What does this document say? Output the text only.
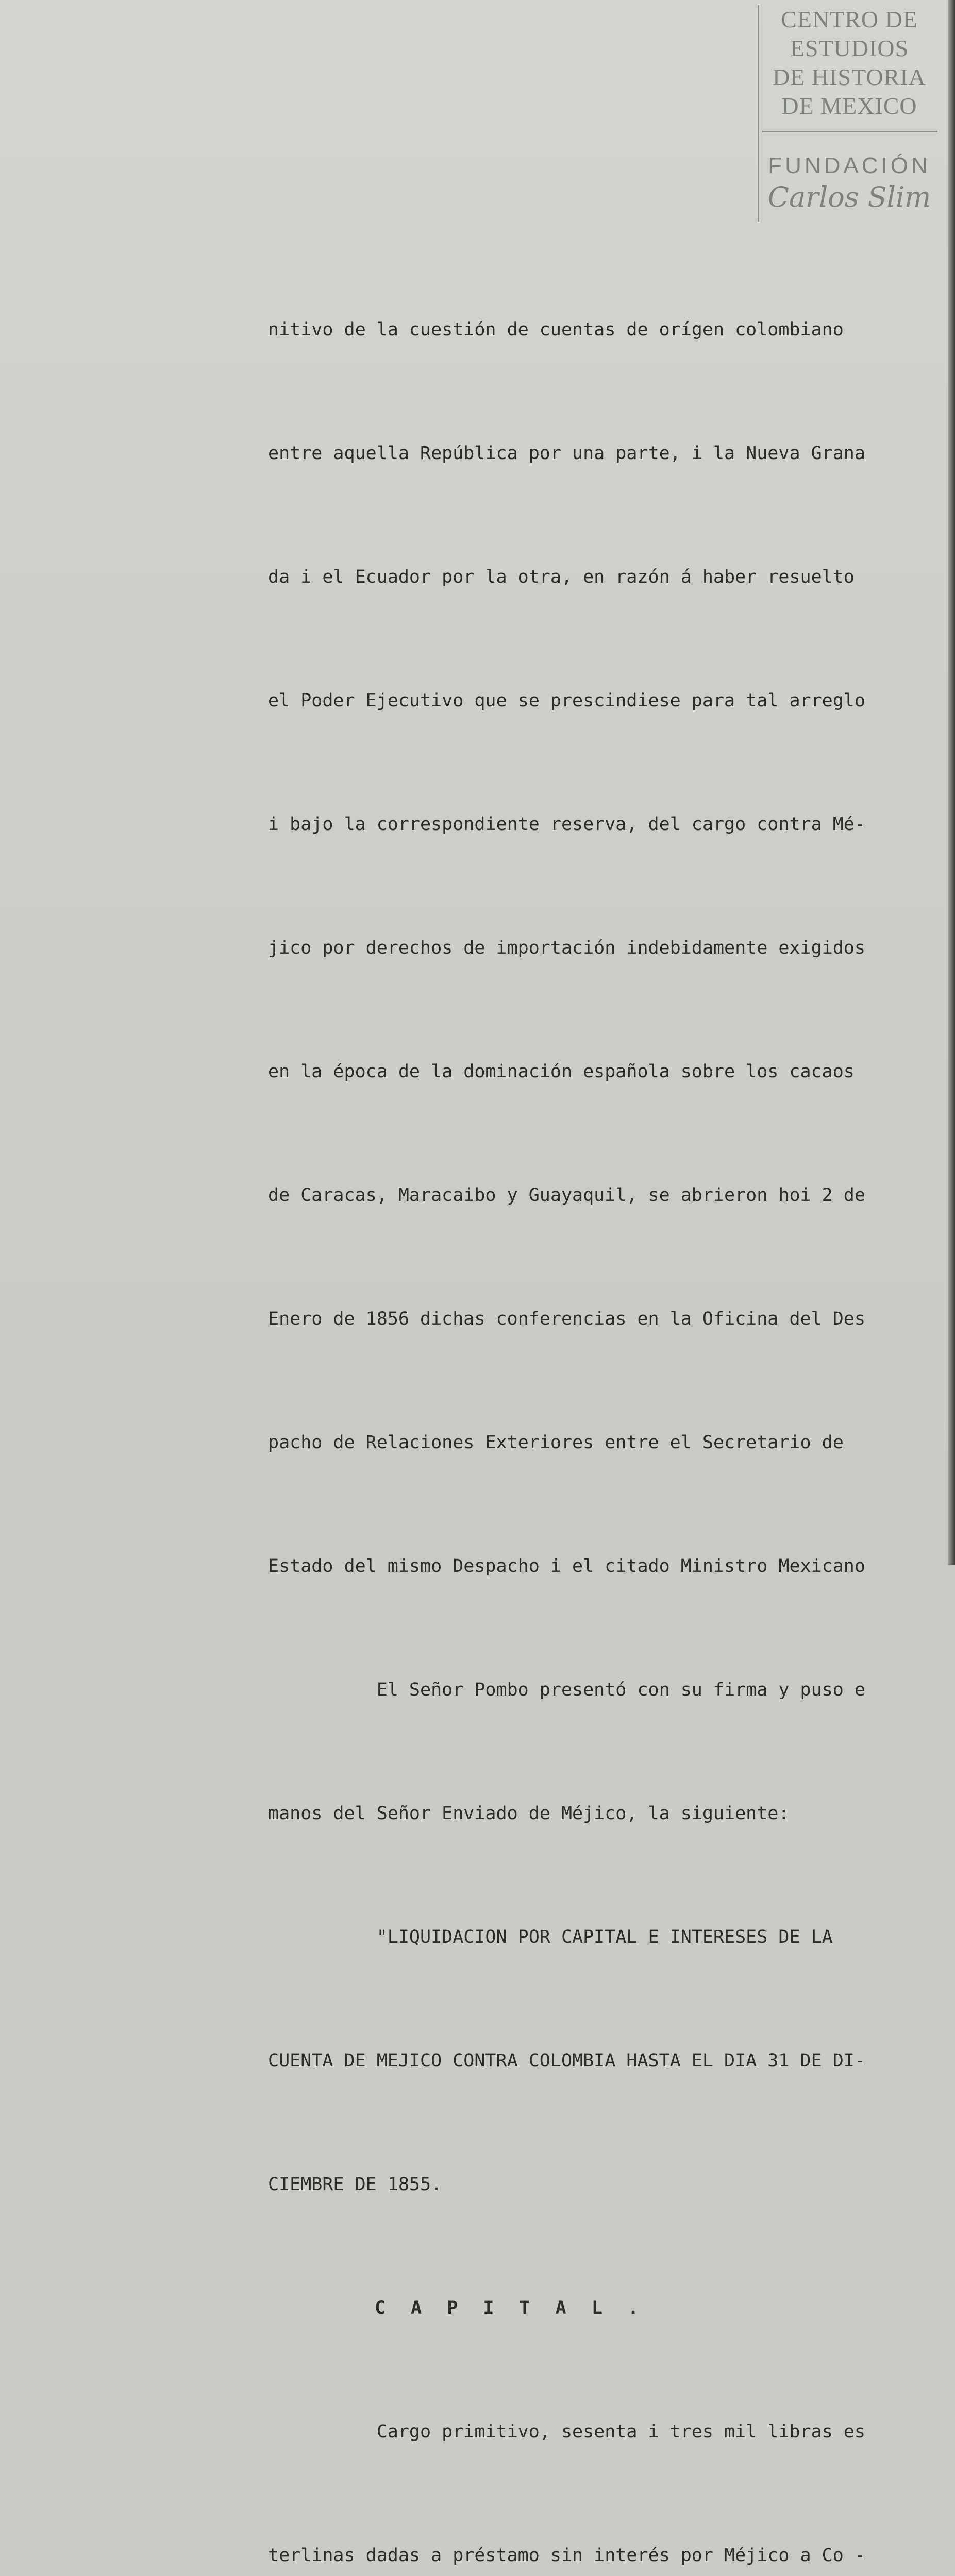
CENTRO DE
ESTUDIOS
DE HISTORIA
DE MEXICO
FUNDACIÓN
Carlos Slim

nitivo de la cuestión de cuentas de orígen colombiano

entre aquella República por una parte, i la Nueva Grana

da i el Ecuador por la otra, en razón á haber resuelto

el Poder Ejecutivo que se prescindiese para tal arreglo

i bajo la correspondiente reserva, del cargo contra Mé-

jico por derechos de importación indebidamente exigidos

en la época de la dominación española sobre los cacaos

de Caracas, Maracaibo y Guayaquil, se abrieron hoi 2 de

Enero de 1856 dichas conferencias en la Oficina del Des

pacho de Relaciones Exteriores entre el Secretario de

Estado del mismo Despacho i el citado Ministro Mexicano

El Señor Pombo presentó con su firma y puso e

manos del Señor Enviado de Méjico, la siguiente:

"LIQUIDACION POR CAPITAL E INTERESES DE LA

CUENTA DE MEJICO CONTRA COLOMBIA HASTA EL DIA 31 DE DI-

CIEMBRE DE 1855.

C A P I T A L .

Cargo primitivo, sesenta i tres mil libras es

terlinas dadas a préstamo sin interés por Méjico a Co -
